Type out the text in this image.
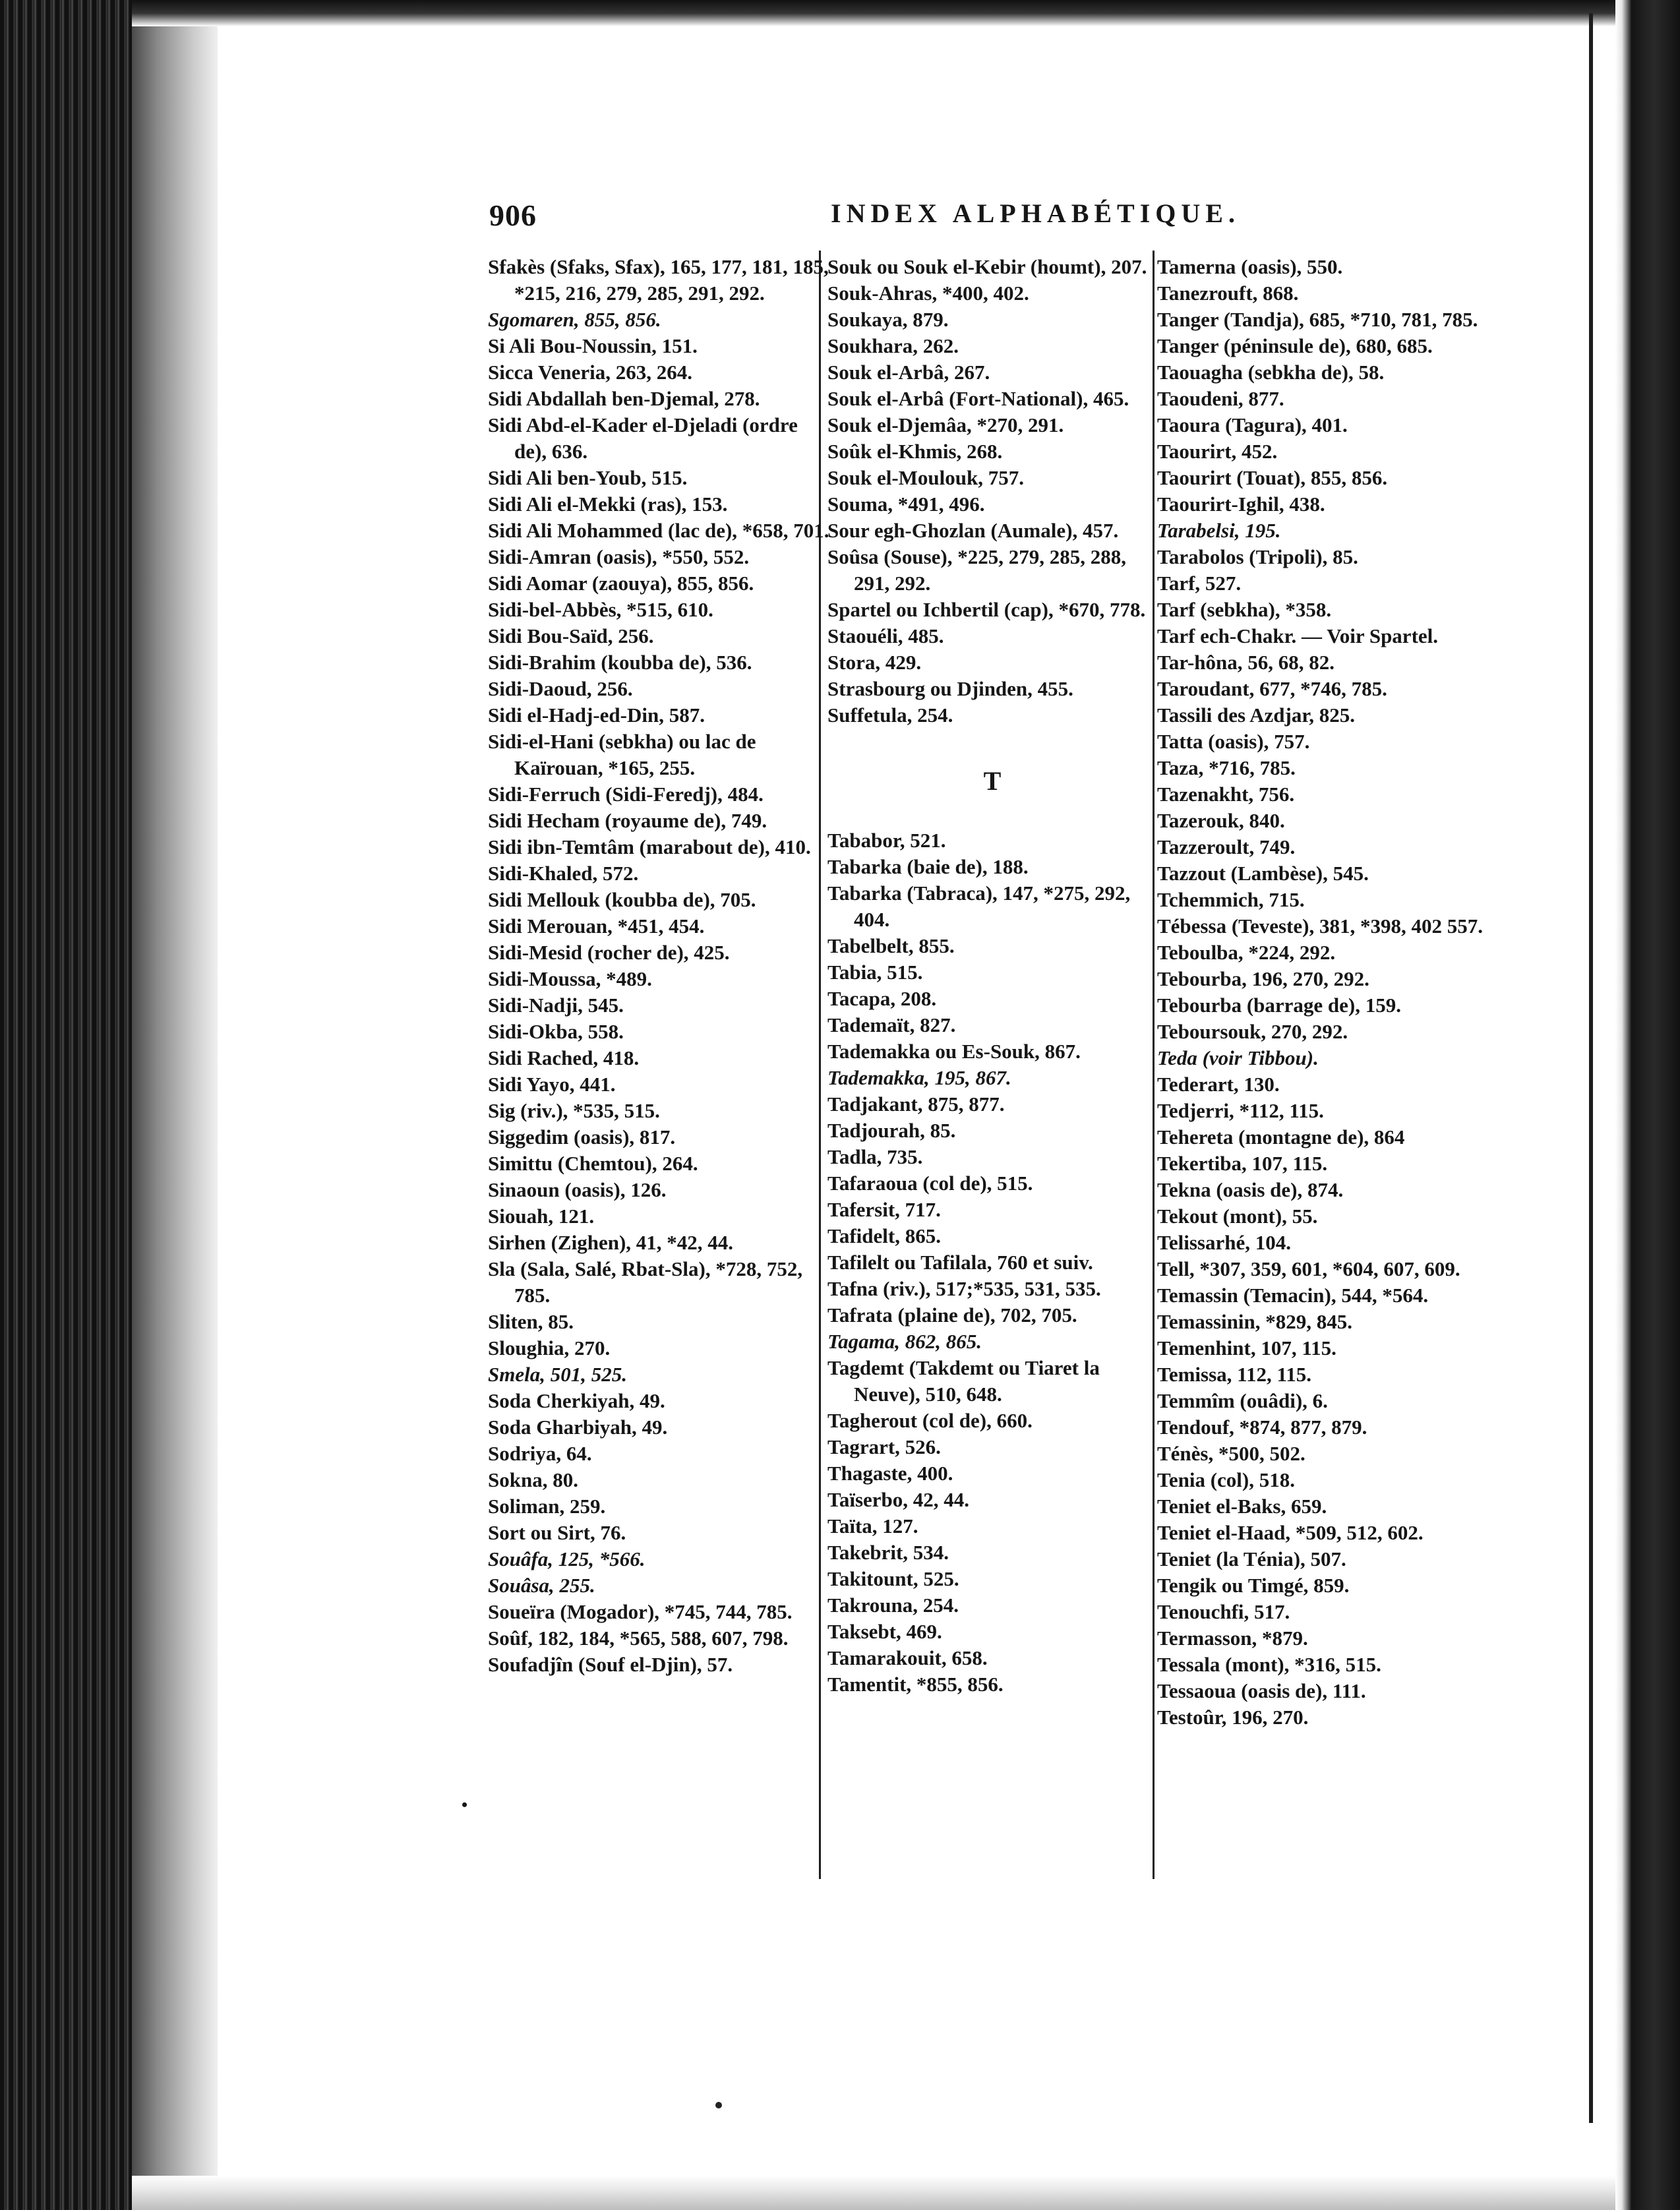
906	INDEX ALPHABÉTIQUE.

Sfakès (Sfaks, Sfax), 165, 177, 181, 185, *215, 216, 279, 285, 291, 292.

Sgomaren, 855, 856.

Si Ali Bou-Noussin, 151.

Sicca Veneria, 263, 264.

Sidi Abdallah ben-Djemal, 278.

Sidi Abd-el-Kader el-Djeladi (ordre de), 636.

Sidi Ali ben-Youb, 515.

Sidi Ali el-Mekki (ras), 153.

Sidi Ali Mohammed (lac de), *658, 701.

Sidi-Amran (oasis), *550, 552.

Sidi Aomar (zaouya), 855, 856.

Sidi-bel-Abbès, *515, 610.

Sidi Bou-Saïd, 256.

Sidi-Brahim (koubba de), 536.

Sidi-Daoud, 256.

Sidi el-Hadj-ed-Din, 587.

Sidi-el-Hani (sebkha) ou lac de Kaïrouan, *165, 255.

Sidi-Ferruch (Sidi-Feredj), 484.

Sidi Hecham (royaume de), 749.

Sidi ibn-Temtâm (marabout de), 410.

Sidi-Khaled, 572.

Sidi Mellouk (koubba de), 705.

Sidi Merouan, *451, 454.

Sidi-Mesid (rocher de), 425.

Sidi-Moussa, *489.

Sidi-Nadji, 545.

Sidi-Okba, 558.

Sidi Rached, 418.

Sidi Yayo, 441.

Sig (riv.), *535, 515.

Siggedim (oasis), 817.

Simittu (Chemtou), 264.

Sinaoun (oasis), 126.

Siouah, 121.

Sirhen (Zighen), 41, *42, 44.

Sla (Sala, Salé, Rbat-Sla), *728, 752, 785.

Sliten, 85.

Sloughia, 270.

Smela, 501, 525.

Soda Cherkiyah, 49.

Soda Gharbiyah, 49.

Sodriya, 64.

Sokna, 80.

Soliman, 259.

Sort ou Sirt, 76.

Souâfa, 125, *566.

Souâsa, 255.

Soueïra (Mogador), *745, 744, 785.

Soûf, 182, 184, *565, 588, 607, 798.

Soufadjîn (Souf el-Djin), 57.

Souk ou Souk el-Kebir (houmt), 207.

Souk-Ahras, *400, 402.

Soukaya, 879.

Soukhara, 262.

Souk el-Arbâ, 267.

Souk el-Arbâ (Fort-National), 465.

Souk el-Djemâa, *270, 291.

Soûk el-Khmis, 268.

Souk el-Moulouk, 757.

Souma, *491, 496.

Sour egh-Ghozlan (Aumale), 457.

Soûsa (Souse), *225, 279, 285, 288, 291, 292.

Spartel ou Ichbertil (cap), *670, 778.

Staouéli, 485.

Stora, 429.

Strasbourg ou Djinden, 455.

Suffetula, 254.

T

Tababor, 521.

Tabarka (baie de), 188.

Tabarka (Tabraca), 147, *275, 292, 404.

Tabelbelt, 855.

Tabia, 515.

Tacapa, 208.

Tademaït, 827.

Tademakka ou Es-Souk, 867.

Tademakka, 195, 867.

Tadjakant, 875, 877.

Tadjourah, 85.

Tadla, 735.

Tafaraoua (col de), 515.

Tafersit, 717.

Tafidelt, 865.

Tafilelt ou Tafilala, 760 et suiv.

Tafna (riv.), 517;*535, 531, 535.

Tafrata (plaine de), 702, 705.

Tagama, 862, 865.

Tagdemt (Takdemt ou Tiaret la Neuve), 510, 648.

Tagherout (col de), 660.

Tagrart, 526.

Thagaste, 400.

Taïserbo, 42, 44.

Taïta, 127.

Takebrit, 534.

Takitount, 525.

Takrouna, 254.

Taksebt, 469.

Tamarakouit, 658.

Tamentit, *855, 856.

Tamerna (oasis), 550.

Tanezrouft, 868.

Tanger (Tandja), 685, *710, 781, 785.

Tanger (péninsule de), 680, 685.

Taouagha (sebkha de), 58.

Taoudeni, 877.

Taoura (Tagura), 401.

Taourirt, 452.

Taourirt (Touat), 855, 856.

Taourirt-Ighil, 438.

Tarabelsi, 195.

Tarabolos (Tripoli), 85.

Tarf, 527.

Tarf (sebkha), *358.

Tarf ech-Chakr. — Voir Spartel.

Tar-hôna, 56, 68, 82.

Taroudant, 677, *746, 785.

Tassili des Azdjar, 825.

Tatta (oasis), 757.

Taza, *716, 785.

Tazenakht, 756.

Tazerouk, 840.

Tazzeroult, 749.

Tazzout (Lambèse), 545.

Tchemmich, 715.

Tébessa (Teveste), 381, *398, 402 557.

Teboulba, *224, 292.

Tebourba, 196, 270, 292.

Tebourba (barrage de), 159.

Teboursouk, 270, 292.

Teda (voir Tibbou).

Tederart, 130.

Tedjerri, *112, 115.

Tehereta (montagne de), 864

Tekertiba, 107, 115.

Tekna (oasis de), 874.

Tekout (mont), 55.

Telissarhé, 104.

Tell, *307, 359, 601, *604, 607, 609.

Temassin (Temacin), 544, *564.

Temassinin, *829, 845.

Temenhint, 107, 115.

Temissa, 112, 115.

Temmîm (ouâdi), 6.

Tendouf, *874, 877, 879.

Ténès, *500, 502.

Tenia (col), 518.

Teniet el-Baks, 659.

Teniet el-Haad, *509, 512, 602.

Teniet (la Ténia), 507.

Tengik ou Timgé, 859.

Tenouchfi, 517.

Termasson, *879.

Tessala (mont), *316, 515.

Tessaoua (oasis de), 111.

Testoûr, 196, 270.

•
